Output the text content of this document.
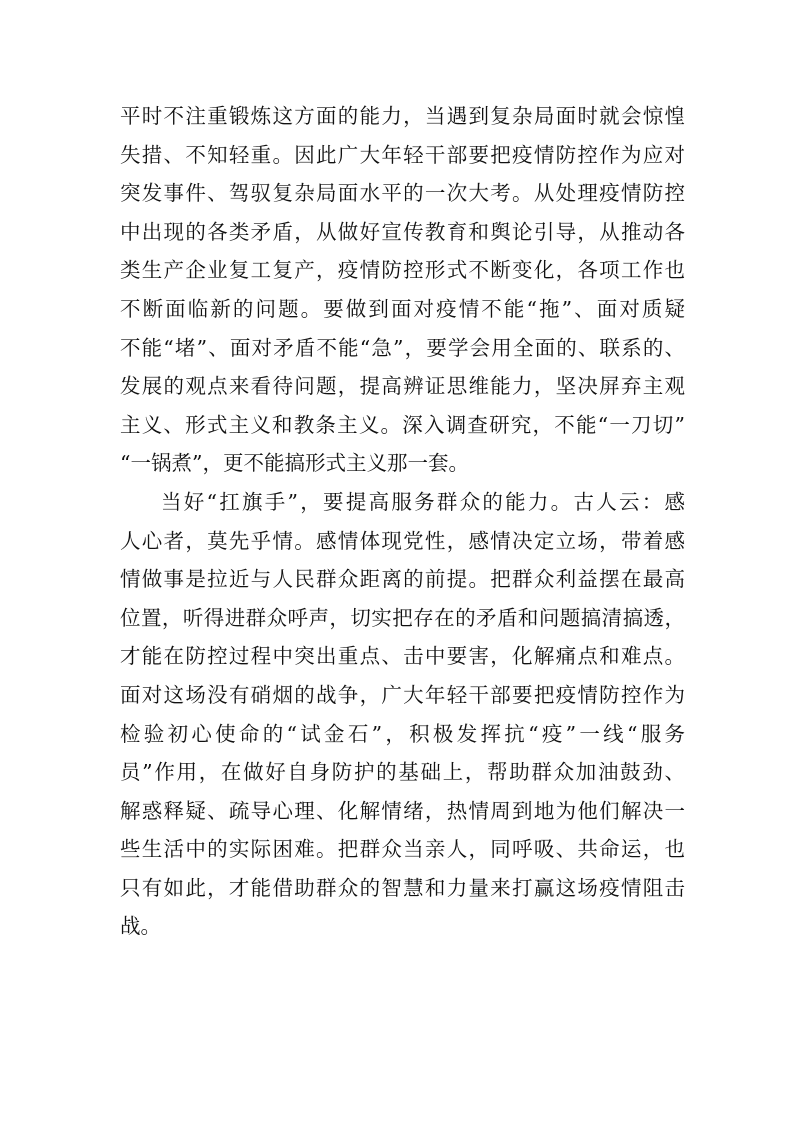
平时不注重锻炼这方面的能力，当遇到复杂局面时就会惊惶
失措、不知轻重。因此广大年轻干部要把疫情防控作为应对
突发事件、驾驭复杂局面水平的一次大考。从处理疫情防控
中出现的各类矛盾，从做好宣传教育和舆论引导，从推动各
类生产企业复工复产，疫情防控形式不断变化，各项工作也
不断面临新的问题。要做到面对疫情不能“拖”、面对质疑
不能“堵”、面对矛盾不能“急”，要学会用全面的、联系的、
发展的观点来看待问题，提高辨证思维能力，坚决屏弃主观
主义、形式主义和教条主义。深入调查研究，不能“一刀切”
“一锅煮”，更不能搞形式主义那一套。
当好“扛旗手”，要提高服务群众的能力。古人云：感
人心者，莫先乎情。感情体现党性，感情决定立场，带着感
情做事是拉近与人民群众距离的前提。把群众利益摆在最高
位置，听得进群众呼声，切实把存在的矛盾和问题搞清搞透，
才能在防控过程中突出重点、击中要害，化解痛点和难点。
面对这场没有硝烟的战争，广大年轻干部要把疫情防控作为
检验初心使命的“试金石”，积极发挥抗“疫”一线“服务
员”作用，在做好自身防护的基础上，帮助群众加油鼓劲、
解惑释疑、疏导心理、化解情绪，热情周到地为他们解决一
些生活中的实际困难。把群众当亲人，同呼吸、共命运，也
只有如此，才能借助群众的智慧和力量来打赢这场疫情阻击
战。
